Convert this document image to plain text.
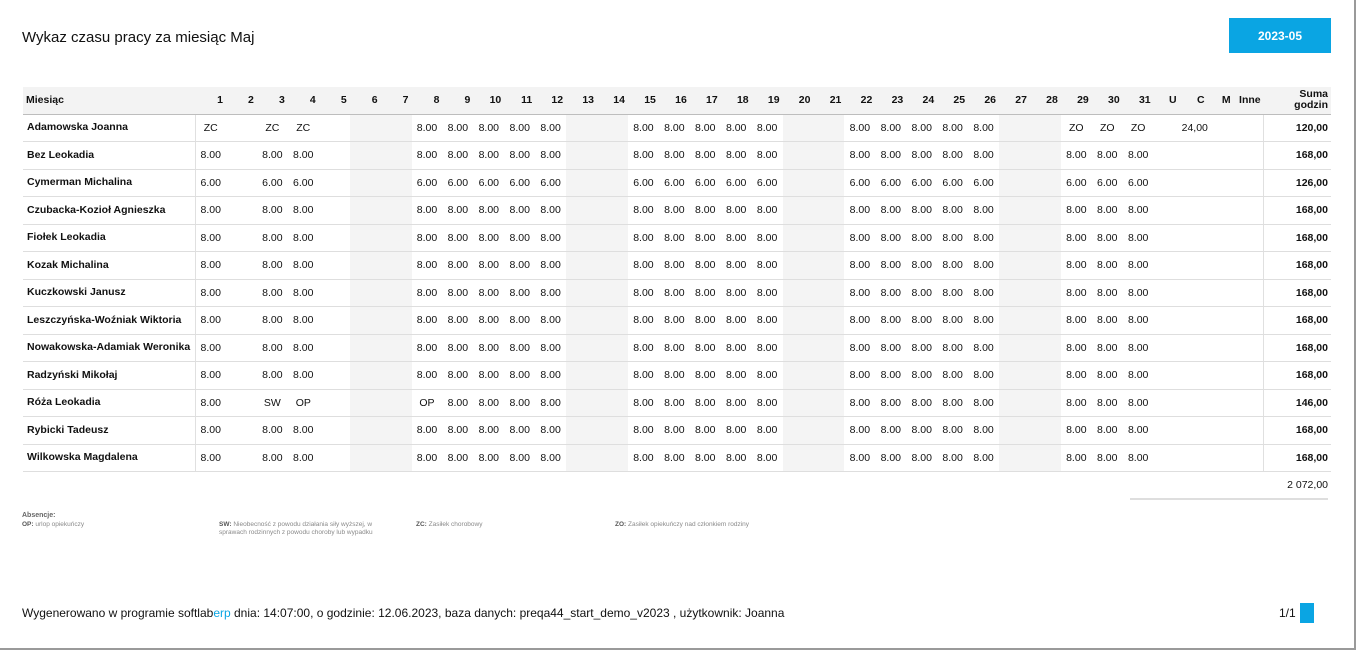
Wykaz czasu pracy za miesiąc Maj	2023-05
Miesiąc	1	2	3	4	5	6	7	8	9	10	11	12	13	14	15	16	17	18	19	20	21	22	23	24	25	26	27	28	29	30	31	U	C	M	Inne	Suma godzin
Adamowska Joanna	ZC		ZC	ZC				8.00	8.00	8.00	8.00	8.00			8.00	8.00	8.00	8.00	8.00			8.00	8.00	8.00	8.00	8.00			ZO	ZO	ZO		24,00			120,00
Bez Leokadia	8.00		8.00	8.00				8.00	8.00	8.00	8.00	8.00			8.00	8.00	8.00	8.00	8.00			8.00	8.00	8.00	8.00	8.00			8.00	8.00	8.00					168,00
Cymerman Michalina	6.00		6.00	6.00				6.00	6.00	6.00	6.00	6.00			6.00	6.00	6.00	6.00	6.00			6.00	6.00	6.00	6.00	6.00			6.00	6.00	6.00					126,00
Czubacka-Kozioł Agnieszka	8.00		8.00	8.00				8.00	8.00	8.00	8.00	8.00			8.00	8.00	8.00	8.00	8.00			8.00	8.00	8.00	8.00	8.00			8.00	8.00	8.00					168,00
Fiołek Leokadia	8.00		8.00	8.00				8.00	8.00	8.00	8.00	8.00			8.00	8.00	8.00	8.00	8.00			8.00	8.00	8.00	8.00	8.00			8.00	8.00	8.00					168,00
Kozak Michalina	8.00		8.00	8.00				8.00	8.00	8.00	8.00	8.00			8.00	8.00	8.00	8.00	8.00			8.00	8.00	8.00	8.00	8.00			8.00	8.00	8.00					168,00
Kuczkowski Janusz	8.00		8.00	8.00				8.00	8.00	8.00	8.00	8.00			8.00	8.00	8.00	8.00	8.00			8.00	8.00	8.00	8.00	8.00			8.00	8.00	8.00					168,00
Leszczyńska-Woźniak Wiktoria	8.00		8.00	8.00				8.00	8.00	8.00	8.00	8.00			8.00	8.00	8.00	8.00	8.00			8.00	8.00	8.00	8.00	8.00			8.00	8.00	8.00					168,00
Nowakowska-Adamiak Weronika	8.00		8.00	8.00				8.00	8.00	8.00	8.00	8.00			8.00	8.00	8.00	8.00	8.00			8.00	8.00	8.00	8.00	8.00			8.00	8.00	8.00					168,00
Radzyński Mikołaj	8.00		8.00	8.00				8.00	8.00	8.00	8.00	8.00			8.00	8.00	8.00	8.00	8.00			8.00	8.00	8.00	8.00	8.00			8.00	8.00	8.00					168,00
Róża Leokadia	8.00		SW	OP				OP	8.00	8.00	8.00	8.00			8.00	8.00	8.00	8.00	8.00			8.00	8.00	8.00	8.00	8.00			8.00	8.00	8.00					146,00
Rybicki Tadeusz	8.00		8.00	8.00				8.00	8.00	8.00	8.00	8.00			8.00	8.00	8.00	8.00	8.00			8.00	8.00	8.00	8.00	8.00			8.00	8.00	8.00					168,00
Wilkowska Magdalena	8.00		8.00	8.00				8.00	8.00	8.00	8.00	8.00			8.00	8.00	8.00	8.00	8.00			8.00	8.00	8.00	8.00	8.00			8.00	8.00	8.00					168,00
2 072,00
Absencje:
OP: urlop opiekuńczy	SW: Nieobecność z powodu działania siły wyższej, w sprawach rodzinnych z powodu choroby lub wypadku
ZC: Zasiłek chorobowy	ZO: Zasiłek opiekuńczy nad członkiem rodziny
Wygenerowano w programie softlaberp dnia: 14:07:00, o godzinie: 12.06.2023, baza danych: preqa44_start_demo_v2023 , użytkownik: Joanna	1/1
